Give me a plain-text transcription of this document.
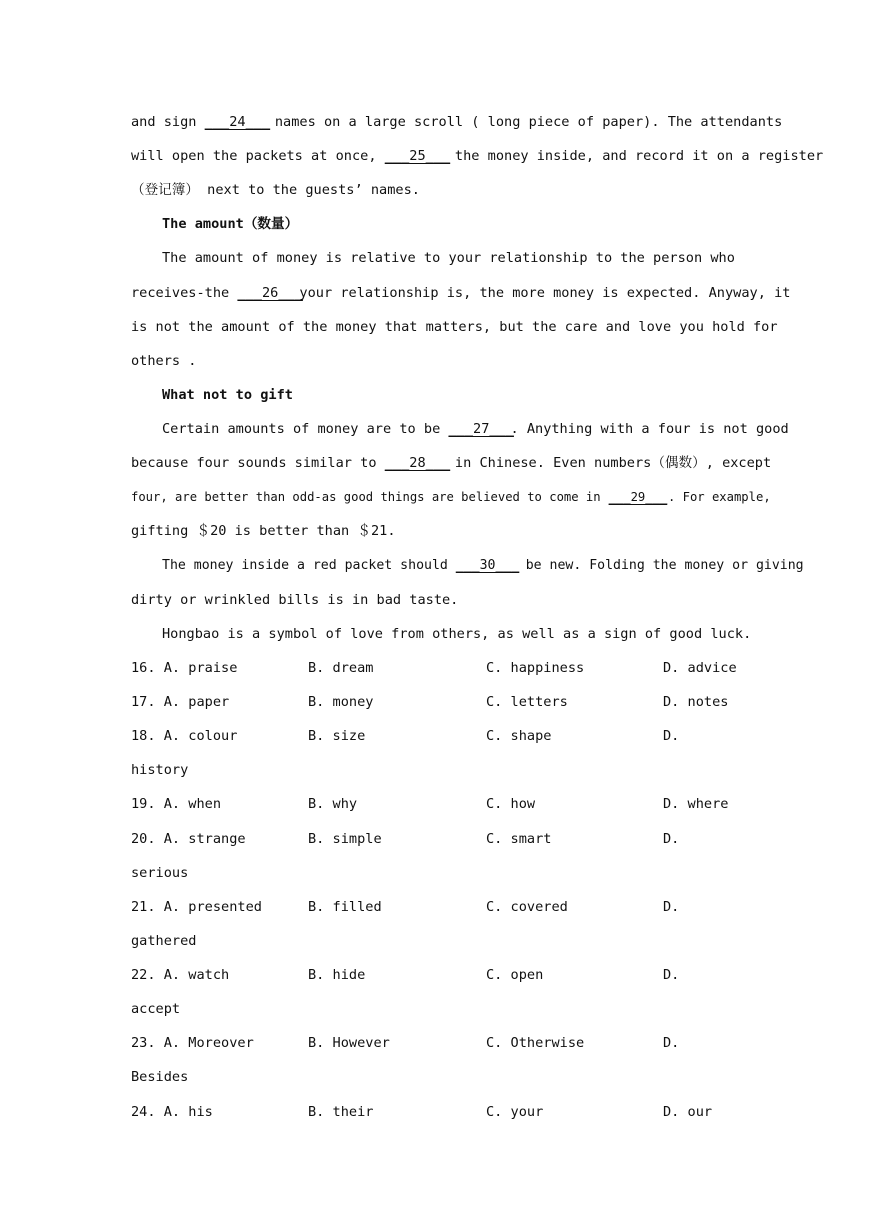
and sign ___24___ names on a large scroll ( long piece of paper). The attendants
will open the packets at once, ___25___ the money inside, and record it on a register
（登记簿） next to the guests’ names.
The amount（数量）
The amount of money is relative to your relationship to the person who
receives-the ___26___your relationship is, the more money is expected. Anyway, it
is not the amount of the money that matters, but the care and love you hold for
others .
What not to gift
Certain amounts of money are to be ___27___. Anything with a four is not good
because four sounds similar to ___28___ in Chinese. Even numbers（偶数）, except
four, are better than odd-as good things are believed to come in ___29___. For example,
gifting ＄20 is better than ＄21.
The money inside a red packet should ___30___ be new. Folding the money or giving
dirty or wrinkled bills is in bad taste.
Hongbao is a symbol of love from others, as well as a sign of good luck.
16. A. praise	B. dream	C. happiness	D. advice
17. A. paper	B. money	C. letters	D. notes
18. A. colour	B. size	C. shape	D.
history
19. A. when	B. why	C. how	D. where
20. A. strange	B. simple	C. smart	D.
serious
21. A. presented	B. filled	C. covered	D.
gathered
22. A. watch	B. hide	C. open	D.
accept
23. A. Moreover	B. However	C. Otherwise	D.
Besides
24. A. his	B. their	C. your	D. our
